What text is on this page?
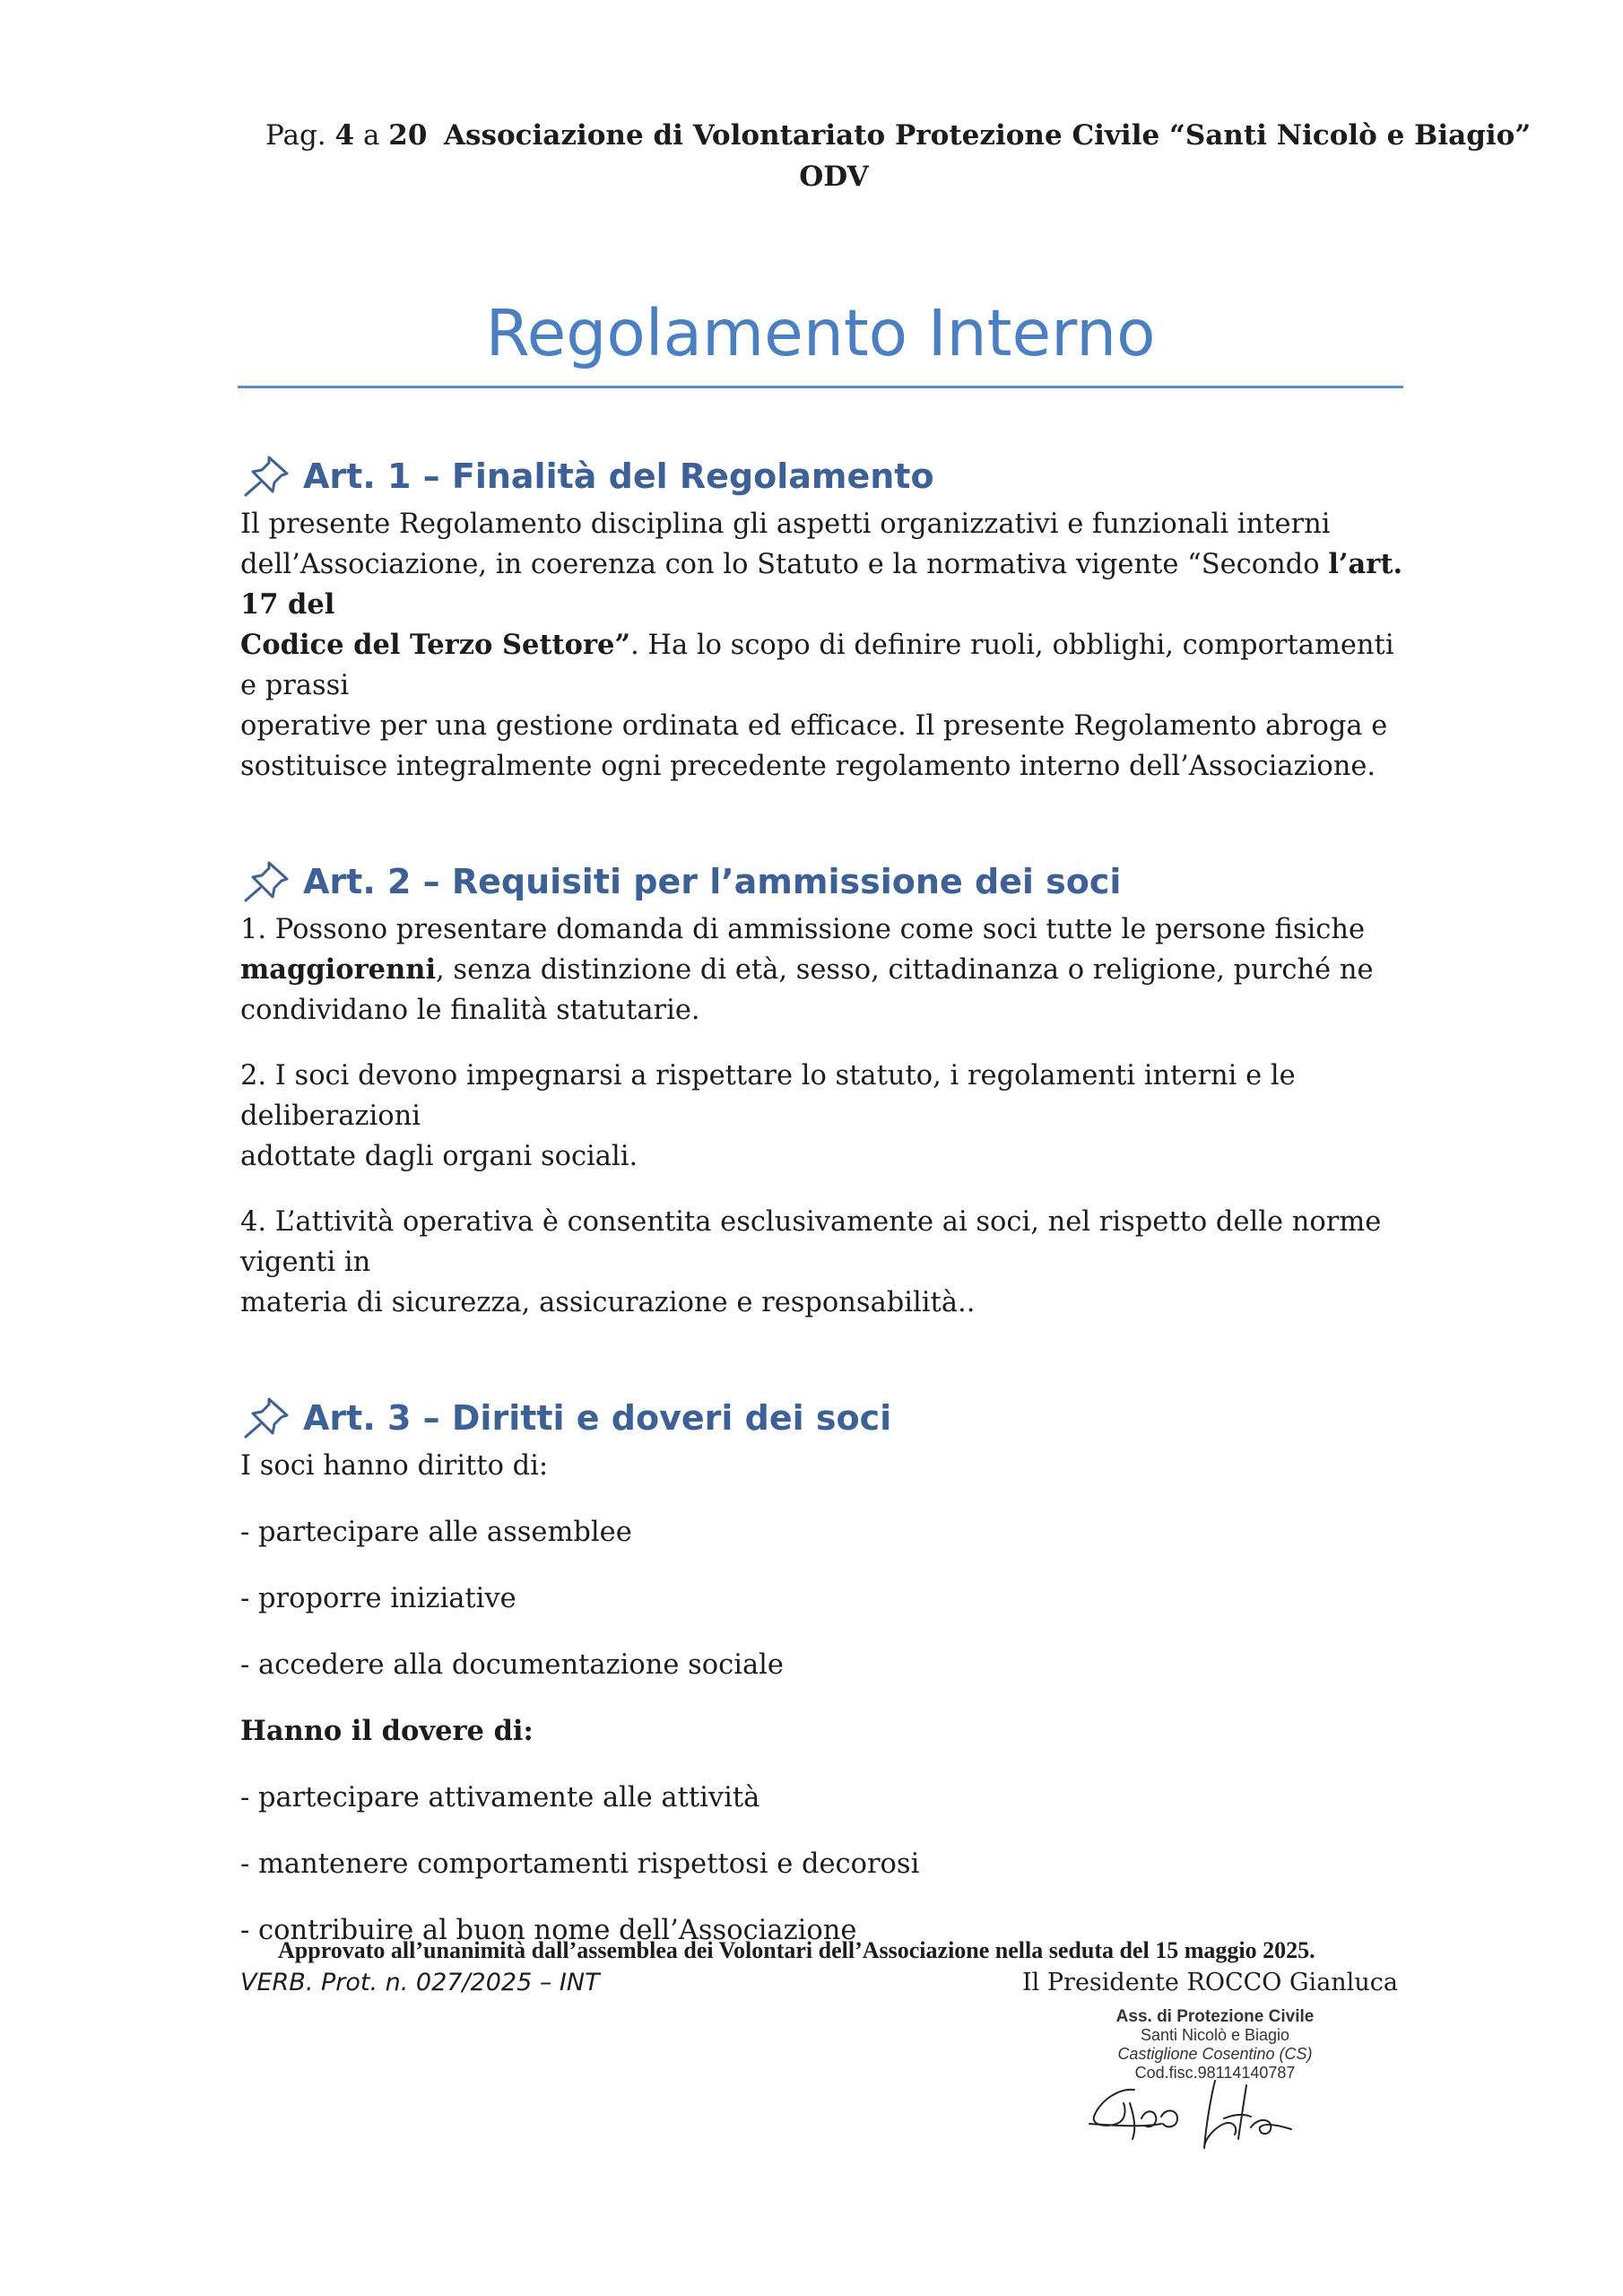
Pag. 4 a 20 Associazione di Volontariato Protezione Civile “Santi Nicolò e Biagio”
ODV
Regolamento Interno
Art. 1 – Finalità del Regolamento

Il presente Regolamento disciplina gli aspetti organizzativi e funzionali interni
dell’Associazione, in coerenza con lo Statuto e la normativa vigente “Secondo l’art. 17 del
Codice del Terzo Settore”. Ha lo scopo di definire ruoli, obblighi, comportamenti e prassi
operative per una gestione ordinata ed efficace. Il presente Regolamento abroga e
sostituisce integralmente ogni precedente regolamento interno dell’Associazione.

Art. 2 – Requisiti per l’ammissione dei soci

1. Possono presentare domanda di ammissione come soci tutte le persone fisiche
maggiorenni, senza distinzione di età, sesso, cittadinanza o religione, purché ne
condividano le finalità statutarie.

2. I soci devono impegnarsi a rispettare lo statuto, i regolamenti interni e le deliberazioni
adottate dagli organi sociali.

4. L’attività operativa è consentita esclusivamente ai soci, nel rispetto delle norme vigenti in
materia di sicurezza, assicurazione e responsabilità..

Art. 3 – Diritti e doveri dei soci

I soci hanno diritto di:

- partecipare alle assemblee

- proporre iniziative

- accedere alla documentazione sociale

Hanno il dovere di:

- partecipare attivamente alle attività

- mantenere comportamenti rispettosi e decorosi

- contribuire al buon nome dell’Associazione

Approvato all’unanimità dall’assemblea dei Volontari dell’Associazione nella seduta del 15 maggio 2025.
VERB. Prot. n. 027/2025 – INT	Il Presidente ROCCO Gianluca
Ass. di Protezione Civile
Santi Nicolò e Biagio
Castiglione Cosentino (CS)
Cod.fisc.98114140787
